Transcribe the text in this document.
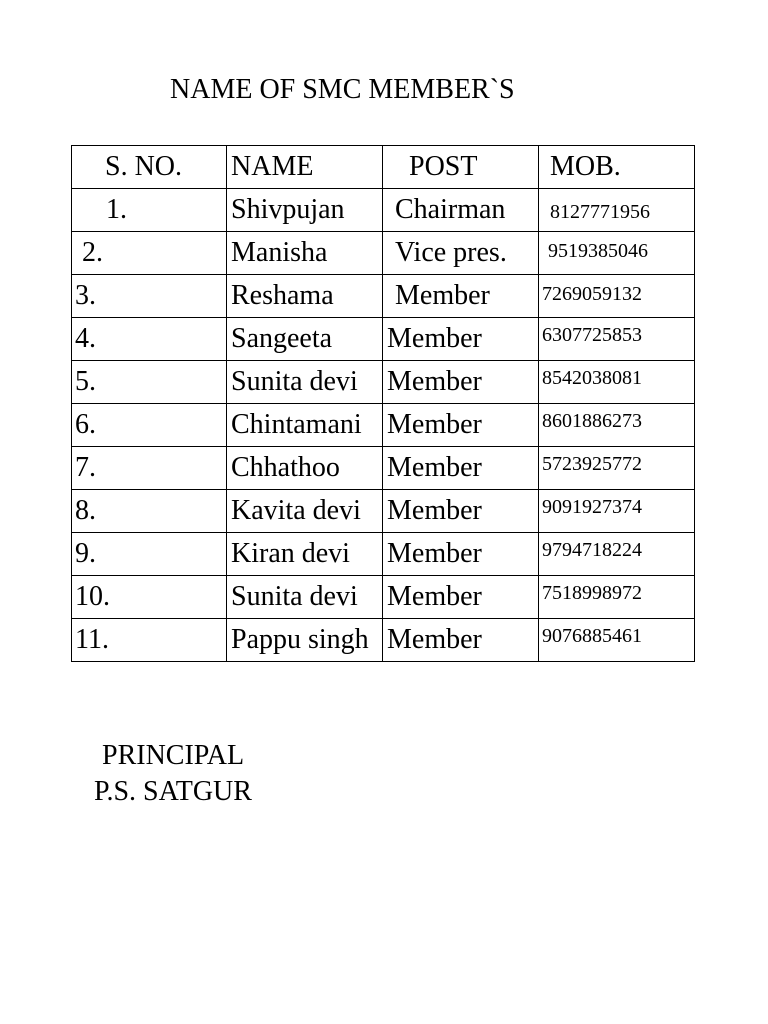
NAME OF SMC MEMBER`S
S. NO.	NAME	POST	MOB.

1.	Shivpujan	Chairman	8127771956

2.	Manisha	Vice pres.	9519385046

3.	Reshama	Member	7269059132

4.	Sangeeta	Member	6307725853

5.	Sunita devi	Member	8542038081

6.	Chintamani	Member	8601886273

7.	Chhathoo	Member	5723925772

8.	Kavita devi	Member	9091927374

9.	Kiran devi	Member	9794718224

10.	Sunita devi	Member	7518998972

11.	Pappu singh	Member	9076885461
PRINCIPAL
P.S. SATGUR
